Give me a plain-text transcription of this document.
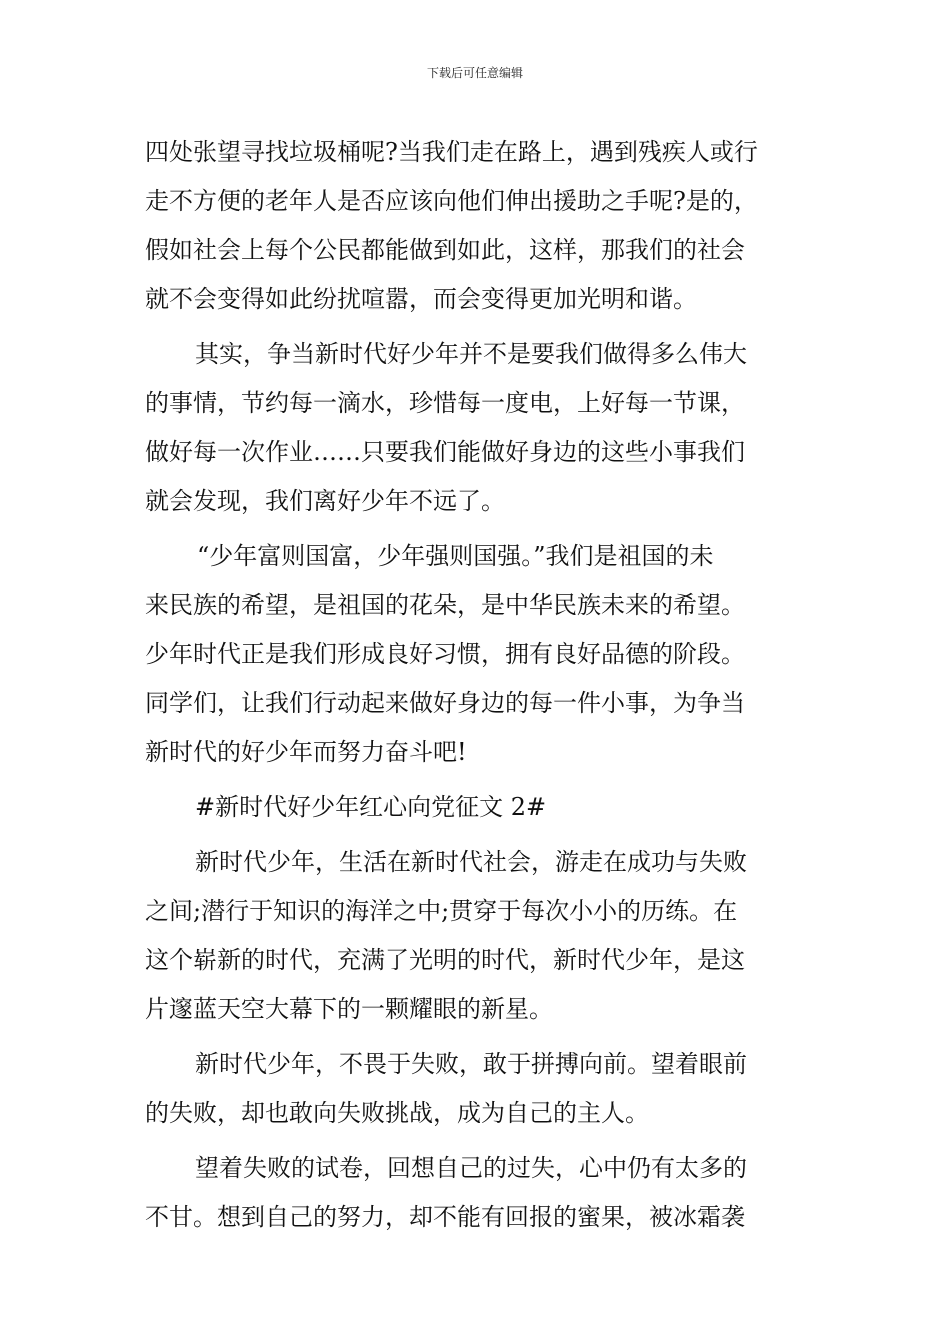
下载后可任意编辑
四处张望寻找垃圾桶呢?当我们走在路上，遇到残疾人或行
走不方便的老年人是否应该向他们伸出援助之手呢?是的，
假如社会上每个公民都能做到如此，这样，那我们的社会
就不会变得如此纷扰喧嚣，而会变得更加光明和谐。
其实，争当新时代好少年并不是要我们做得多么伟大
的事情，节约每一滴水，珍惜每一度电，上好每一节课，
做好每一次作业……只要我们能做好身边的这些小事我们
就会发现，我们离好少年不远了。
“少年富则国富，少年强则国强。”我们是祖国的未
来民族的希望，是祖国的花朵，是中华民族未来的希望。
少年时代正是我们形成良好习惯，拥有良好品德的阶段。
同学们，让我们行动起来做好身边的每一件小事，为争当
新时代的好少年而努力奋斗吧!
#新时代好少年红心向党征文 2#
新时代少年，生活在新时代社会，游走在成功与失败
之间;潜行于知识的海洋之中;贯穿于每次小小的历练。在
这个崭新的时代，充满了光明的时代，新时代少年，是这
片邃蓝天空大幕下的一颗耀眼的新星。
新时代少年，不畏于失败，敢于拼搏向前。望着眼前
的失败，却也敢向失败挑战，成为自己的主人。
望着失败的试卷，回想自己的过失，心中仍有太多的
不甘。想到自己的努力，却不能有回报的蜜果，被冰霜袭
